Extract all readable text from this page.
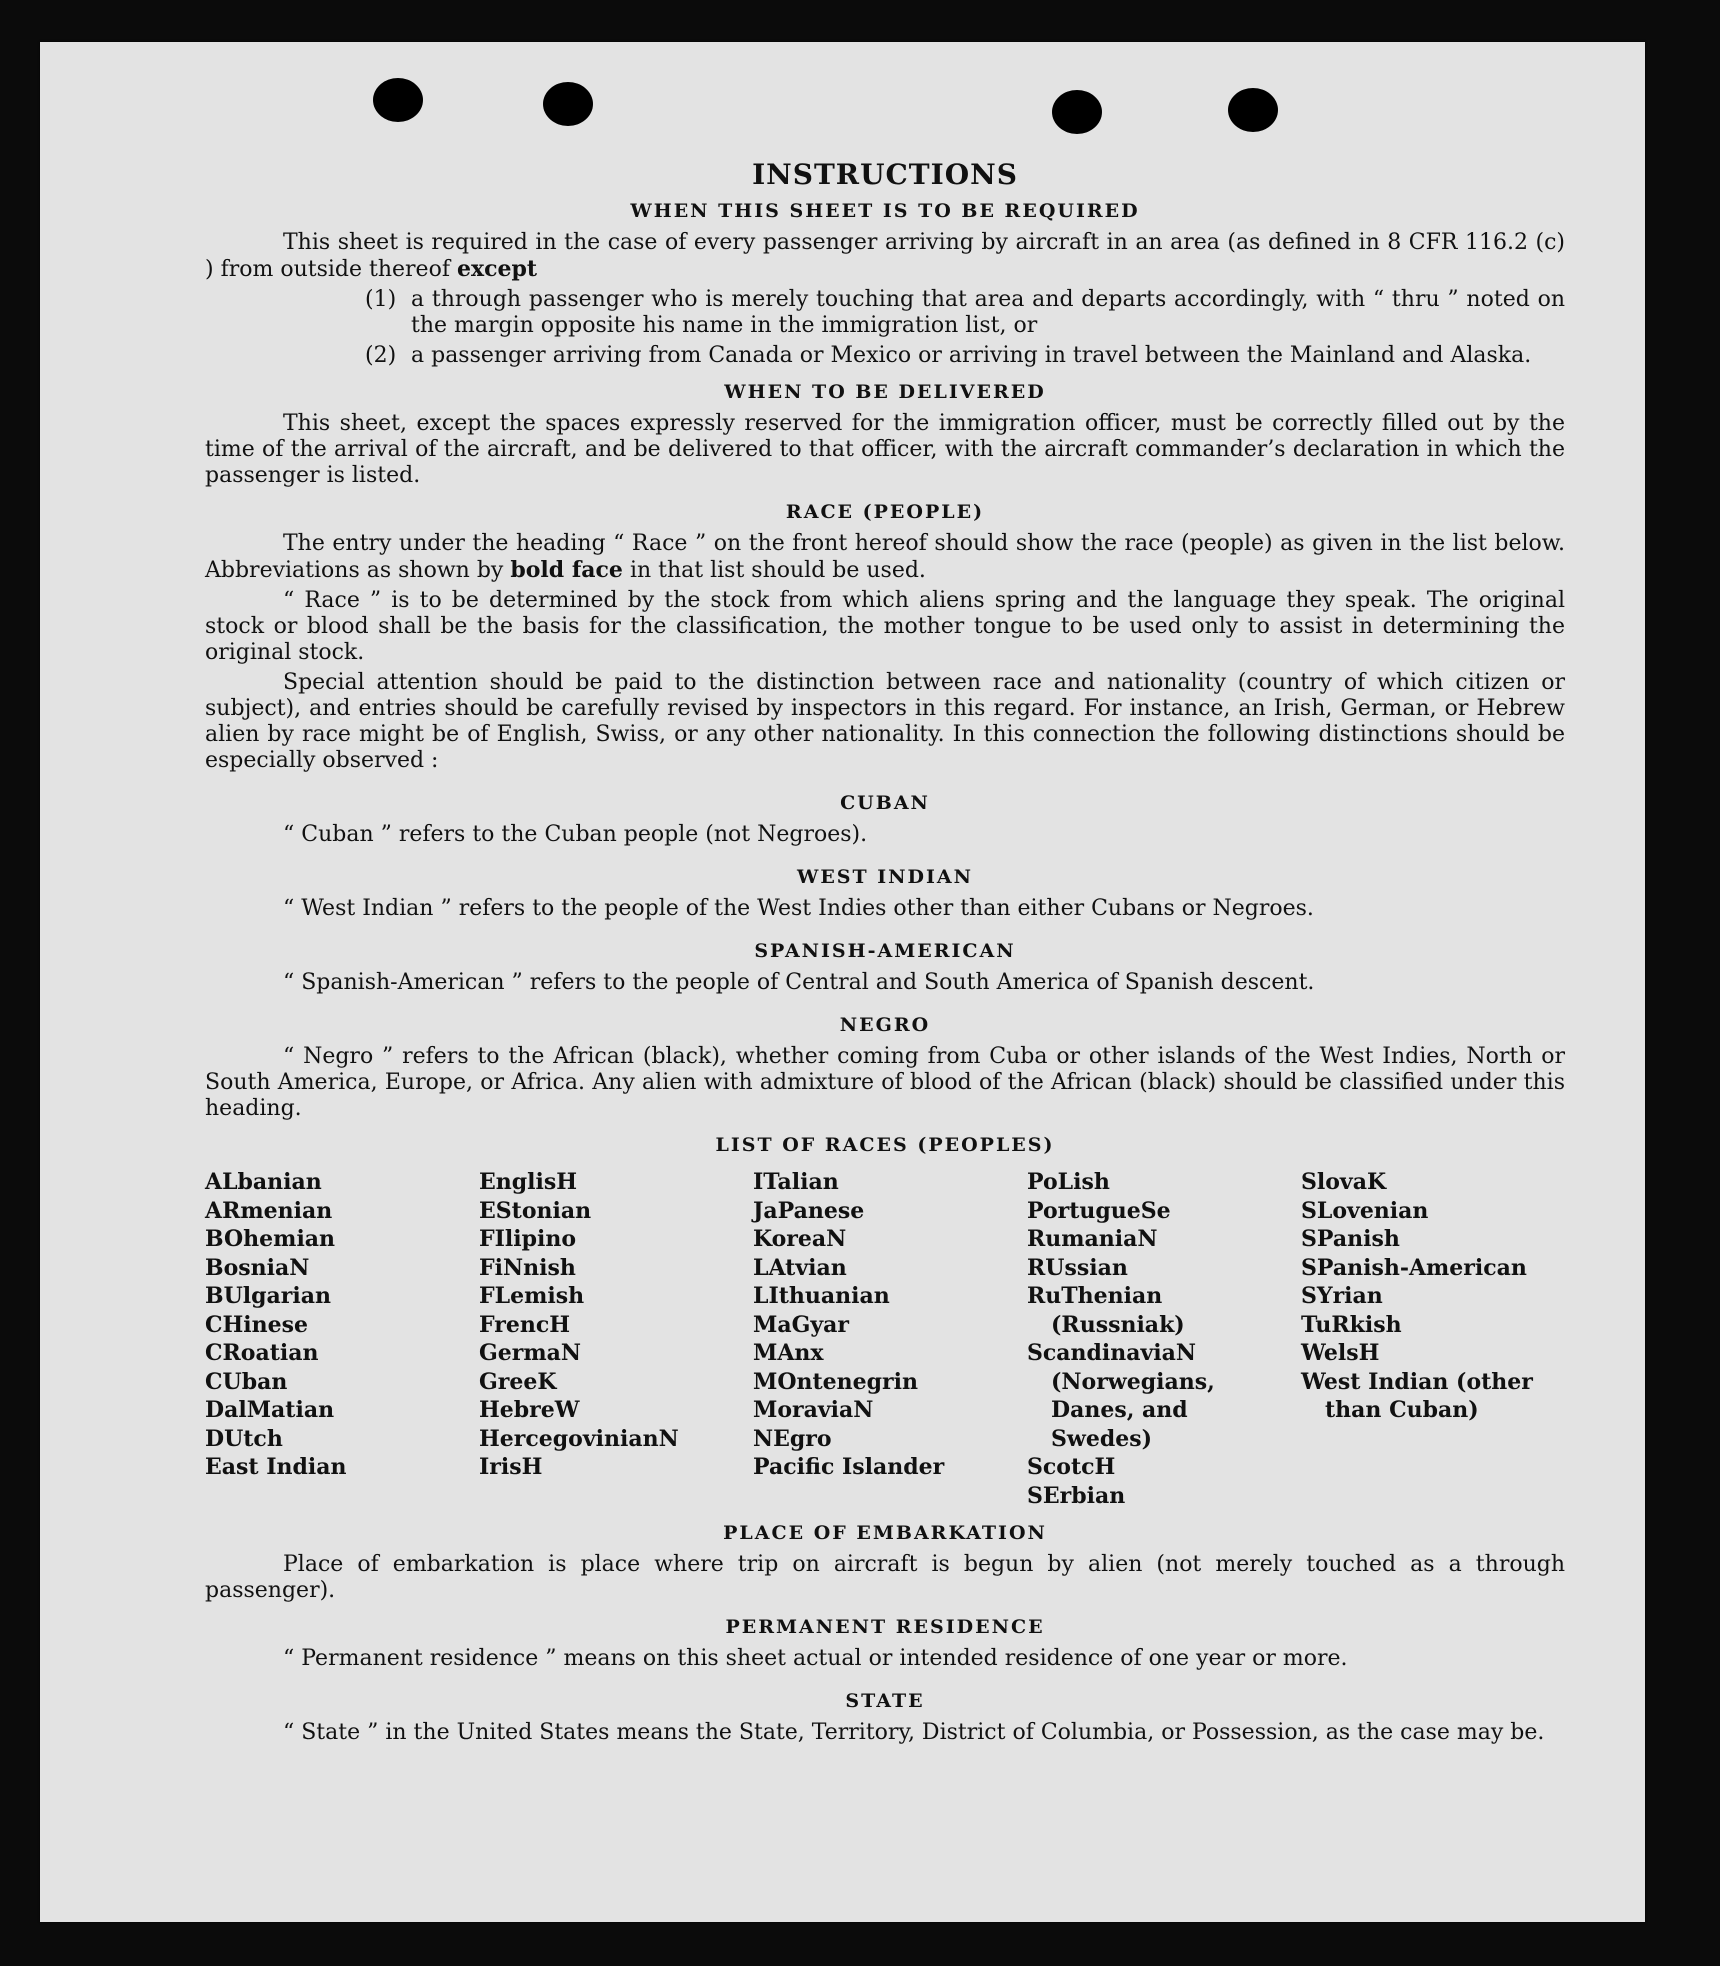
INSTRUCTIONS
WHEN THIS SHEET IS TO BE REQUIRED

This sheet is required in the case of every passenger arriving by aircraft in an area (as defined in 8 CFR 116.2 (c) ) from outside thereof except

(1) a through passenger who is merely touching that area and departs accordingly, with “ thru ” noted on the margin opposite his name in the immigration list, or
(2) a passenger arriving from Canada or Mexico or arriving in travel between the Mainland and Alaska.
WHEN TO BE DELIVERED

This sheet, except the spaces expressly reserved for the immigration officer, must be correctly filled out by the time of the arrival of the aircraft, and be delivered to that officer, with the aircraft commander’s declaration in which the passenger is listed.

RACE (PEOPLE)

The entry under the heading “ Race ” on the front hereof should show the race (people) as given in the list below. Abbreviations as shown by bold face in that list should be used.

“ Race ” is to be determined by the stock from which aliens spring and the language they speak. The original stock or blood shall be the basis for the classification, the mother tongue to be used only to assist in determining the original stock.

Special attention should be paid to the distinction between race and nationality (country of which citizen or subject), and entries should be carefully revised by inspectors in this regard. For instance, an Irish, German, or Hebrew alien by race might be of English, Swiss, or any other nationality. In this connection the following distinctions should be especially observed :

CUBAN

“ Cuban ” refers to the Cuban people (not Negroes).

WEST INDIAN

“ West Indian ” refers to the people of the West Indies other than either Cubans or Negroes.

SPANISH-AMERICAN

“ Spanish-American ” refers to the people of Central and South America of Spanish descent.

NEGRO

“ Negro ” refers to the African (black), whether coming from Cuba or other islands of the West Indies, North or South America, Europe, or Africa. Any alien with admixture of blood of the African (black) should be classified under this heading.

LIST OF RACES (PEOPLES)
ALbanian
ARmenian
BOhemian
BosniaN
BUlgarian
CHinese
CRoatian
CUban
DalMatian
DUtch
East Indian
EnglisH
EStonian
FIlipino
FiNnish
FLemish
FrencH
GermaN
GreeK
HebreW
HercegovinianN
IrisH
ITalian
JaPanese
KoreaN
LAtvian
LIthuanian
MaGyar
MAnx
MOntenegrin
MoraviaN
NEgro
Pacific Islander
PoLish
PortugueSe
RumaniaN
RUssian
RuThenian (Russniak)
ScandinaviaN (Norwegians, Danes, and Swedes)
ScotcH
SErbian
SlovaK
SLovenian
SPanish
SPanish-American
SYrian
TuRkish
WelsH
West Indian (other than Cuban)
PLACE OF EMBARKATION

Place of embarkation is place where trip on aircraft is begun by alien (not merely touched as a through passenger).

PERMANENT RESIDENCE

“ Permanent residence ” means on this sheet actual or intended residence of one year or more.

STATE

“ State ” in the United States means the State, Territory, District of Columbia, or Possession, as the case may be.
